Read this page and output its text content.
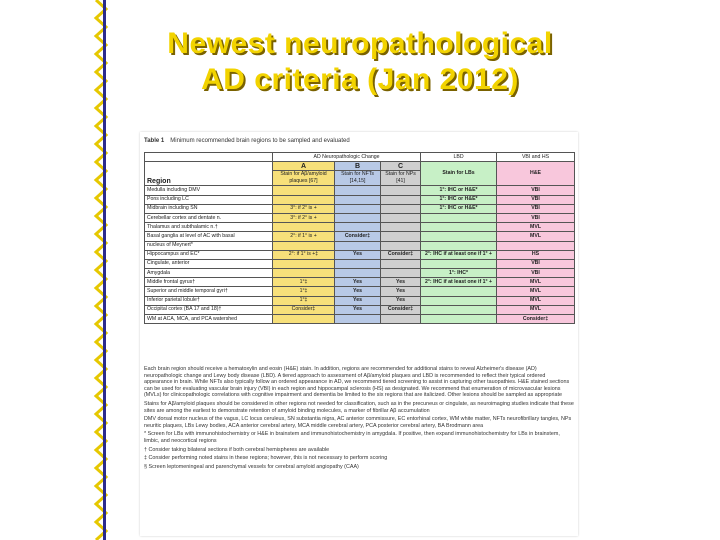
Newest neuropathological
AD criteria (Jan 2012)
Table 1 Minimum recommended brain regions to be sampled and evaluated
	AD Neuropathologic Change			LBD	VBI and HS
Region	A	B	C	Stain for LBs	H&E
	Stain for Aβ/amyloid plaques [67]	Stain for NFTs [14,15]	Stain for NPs [41]		

Medulla including DMV				1°: IHC or H&E*	VBI
Pons including LC				1°: IHC or H&E*	VBI
Midbrain including SN	3°: if 2° is +			1°: IHC or H&E*	VBI
Cerebellar cortex and dentate n.	3°: if 2° is +				VBI
Thalamus and subthalamic n.†					MVL
Basal ganglia at level of AC with basal	2°: if 1° is +	Consider‡			MVL
nucleus of Meynert*					
Hippocampus and EC*	2°: if 1° is +‡	Yes	Consider‡	2°: IHC if at least one if 1° +	HS
Cingulate, anterior					VBI
Amygdala				1°: IHC*	VBI
Middle frontal gyrus†	1°‡	Yes	Yes	2°: IHC if at least one if 1° +	MVL
Superior and middle temporal gyri†	1°‡	Yes	Yes		MVL
Inferior parietal lobule†	1°‡	Yes	Yes		MVL
Occipital cortex (BA 17 and 18)†	Consider‡	Yes	Consider‡		MVL
WM at ACA, MCA, and PCA watershed					Consider‡

Each brain region should receive a hematoxylin and eosin (H&E) stain. In addition, regions are recommended for additional stains to reveal Alzheimer's disease (AD) neuropathologic change and Lewy body disease (LBD). A tiered approach to assessment of Aβ/amyloid plaques and LBD is recommended to reflect their typical ordered appearance in brain. While NFTs also typically follow an ordered appearance in AD, we recommend tiered screening to assist in capturing other tauopathies. H&E stained sections can be used for evaluating vascular brain injury (VBI) in each region and hippocampal sclerosis (HS) as designated. We recommend that enumeration of microvascular lesions (MVLs) for clinicopathologic correlations with cognitive impairment and dementia be limited to the six regions that are italicized. Other lesions should be sampled as appropriate

Stains for Aβ/amyloid plaques should be considered in other regions not needed for classification, such as in the precuneus or cingulate, as neuroimaging studies indicate that these sites are among the earliest to demonstrate retention of amyloid binding molecules, a marker of fibrillar Aβ accumulation

DMV dorsal motor nucleus of the vagus, LC locus ceruleus, SN substantia nigra, AC anterior commissure, EC entorhinal cortex, WM white matter, NFTs neurofibrillary tangles, NPs neuritic plaques, LBs Lewy bodies, ACA anterior cerebral artery, MCA middle cerebral artery, PCA posterior cerebral artery, BA Brodmann area

* Screen for LBs with immunohistochemistry or H&E in brainstem and immunohistochemistry in amygdala. If positive, then expand immunohistochemistry for LBs in brainstem, limbic, and neocortical regions

† Consider taking bilateral sections if both cerebral hemispheres are available

‡ Consider performing noted stains in these regions; however, this is not necessary to perform scoring

§ Screen leptomeningeal and parenchymal vessels for cerebral amyloid angiopathy (CAA)
